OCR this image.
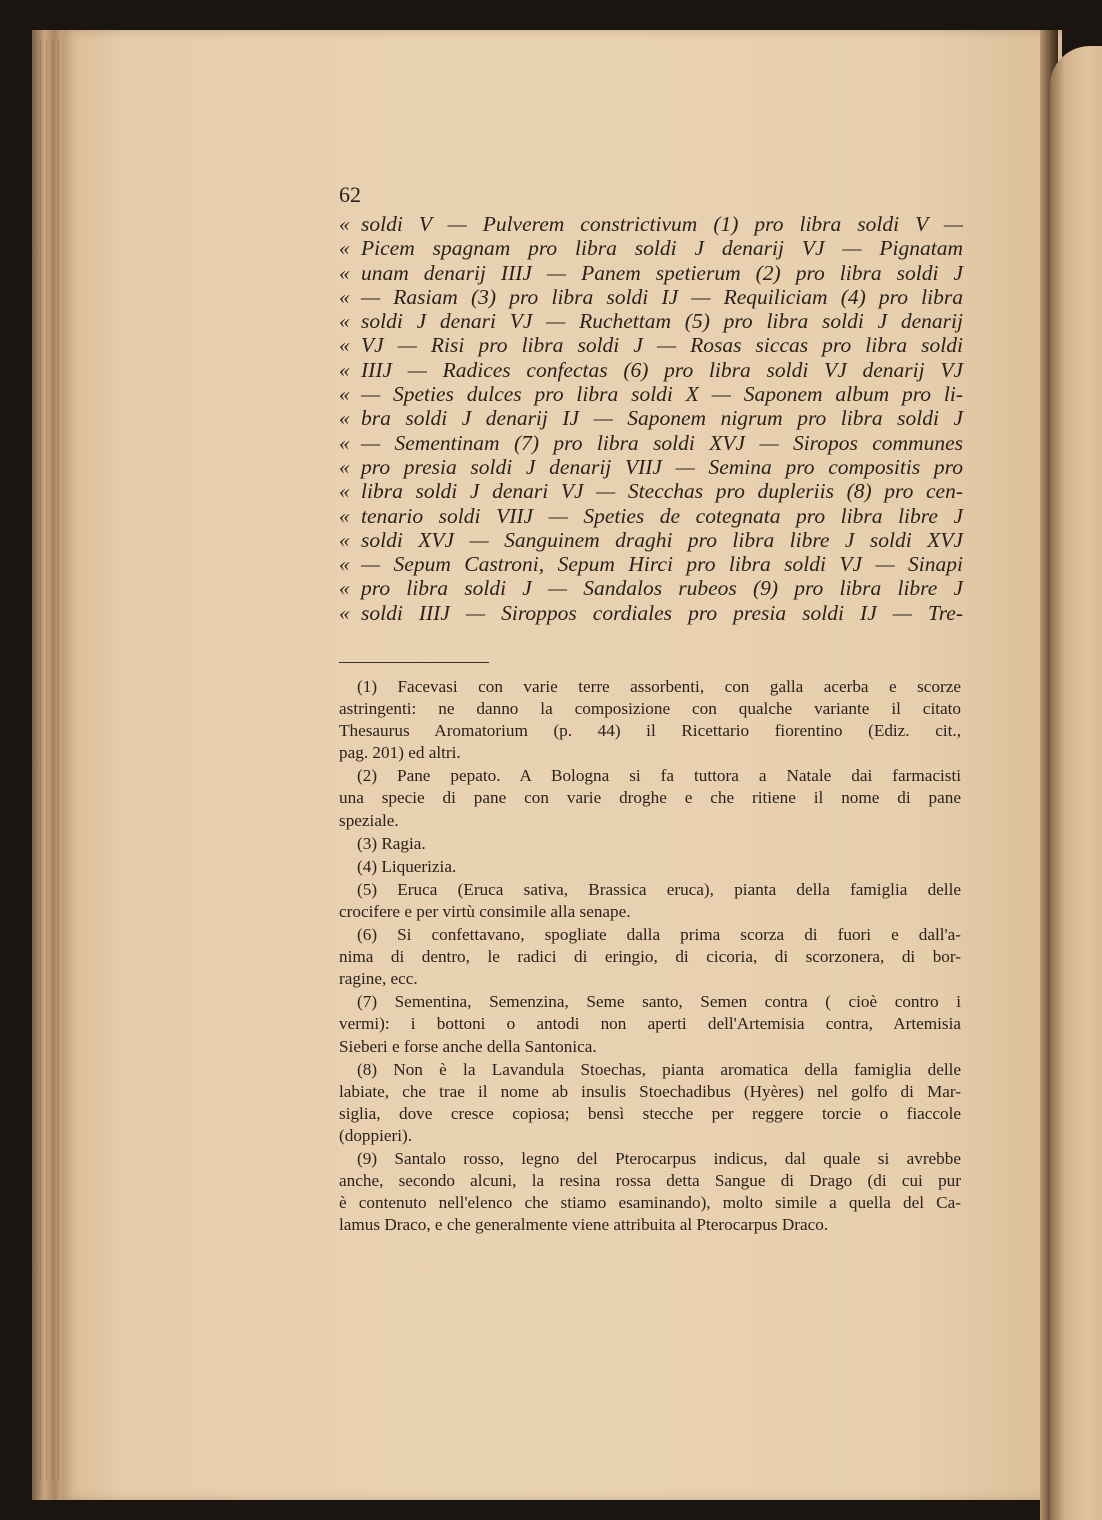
62
« soldi V — Pulverem constrictivum (1) pro libra soldi V —
« Picem spagnam pro libra soldi J denarij VJ — Pignatam
« unam denarij IIIJ — Panem spetierum (2) pro libra soldi J
« — Rasiam (3) pro libra soldi IJ — Requiliciam (4) pro libra
« soldi J denari VJ — Ruchettam (5) pro libra soldi J denarij
« VJ — Risi pro libra soldi J — Rosas siccas pro libra soldi
« IIIJ — Radices confectas (6) pro libra soldi VJ denarij VJ
« — Speties dulces pro libra soldi X — Saponem album pro li-
« bra soldi J denarij IJ — Saponem nigrum pro libra soldi J
« — Sementinam (7) pro libra soldi XVJ — Siropos communes
« pro presia soldi J denarij VIIJ — Semina pro compositis pro
« libra soldi J denari VJ — Stecchas pro dupleriis (8) pro cen-
« tenario soldi VIIJ — Speties de cotegnata pro libra libre J
« soldi XVJ — Sanguinem draghi pro libra libre J soldi XVJ
« — Sepum Castroni, Sepum Hirci pro libra soldi VJ — Sinapi
« pro libra soldi J — Sandalos rubeos (9) pro libra libre J
« soldi IIIJ — Siroppos cordiales pro presia soldi IJ — Tre-
(1) Facevasi con varie terre assorbenti, con galla acerba e scorze
astringenti: ne danno la composizione con qualche variante il citato
Thesaurus Aromatorium (p. 44) il Ricettario fiorentino (Ediz. cit.,
pag. 201) ed altri.
(2) Pane pepato. A Bologna si fa tuttora a Natale dai farmacisti
una specie di pane con varie droghe e che ritiene il nome di pane
speziale.
(3) Ragia.
(4) Liquerizia.
(5) Eruca (Eruca sativa, Brassica eruca), pianta della famiglia delle
crocifere e per virtù consimile alla senape.
(6) Si confettavano, spogliate dalla prima scorza di fuori e dall'a-
nima di dentro, le radici di eringio, di cicoria, di scorzonera, di bor-
ragine, ecc.
(7) Sementina, Semenzina, Seme santo, Semen contra ( cioè contro i
vermi): i bottoni o antodi non aperti dell'Artemisia contra, Artemisia
Sieberi e forse anche della Santonica.
(8) Non è la Lavandula Stoechas, pianta aromatica della famiglia delle
labiate, che trae il nome ab insulis Stoechadibus (Hyères) nel golfo di Mar-
siglia, dove cresce copiosa; bensì stecche per reggere torcie o fiaccole
(doppieri).
(9) Santalo rosso, legno del Pterocarpus indicus, dal quale si avrebbe
anche, secondo alcuni, la resina rossa detta Sangue di Drago (di cui pur
è contenuto nell'elenco che stiamo esaminando), molto simile a quella del Ca-
lamus Draco, e che generalmente viene attribuita al Pterocarpus Draco.
